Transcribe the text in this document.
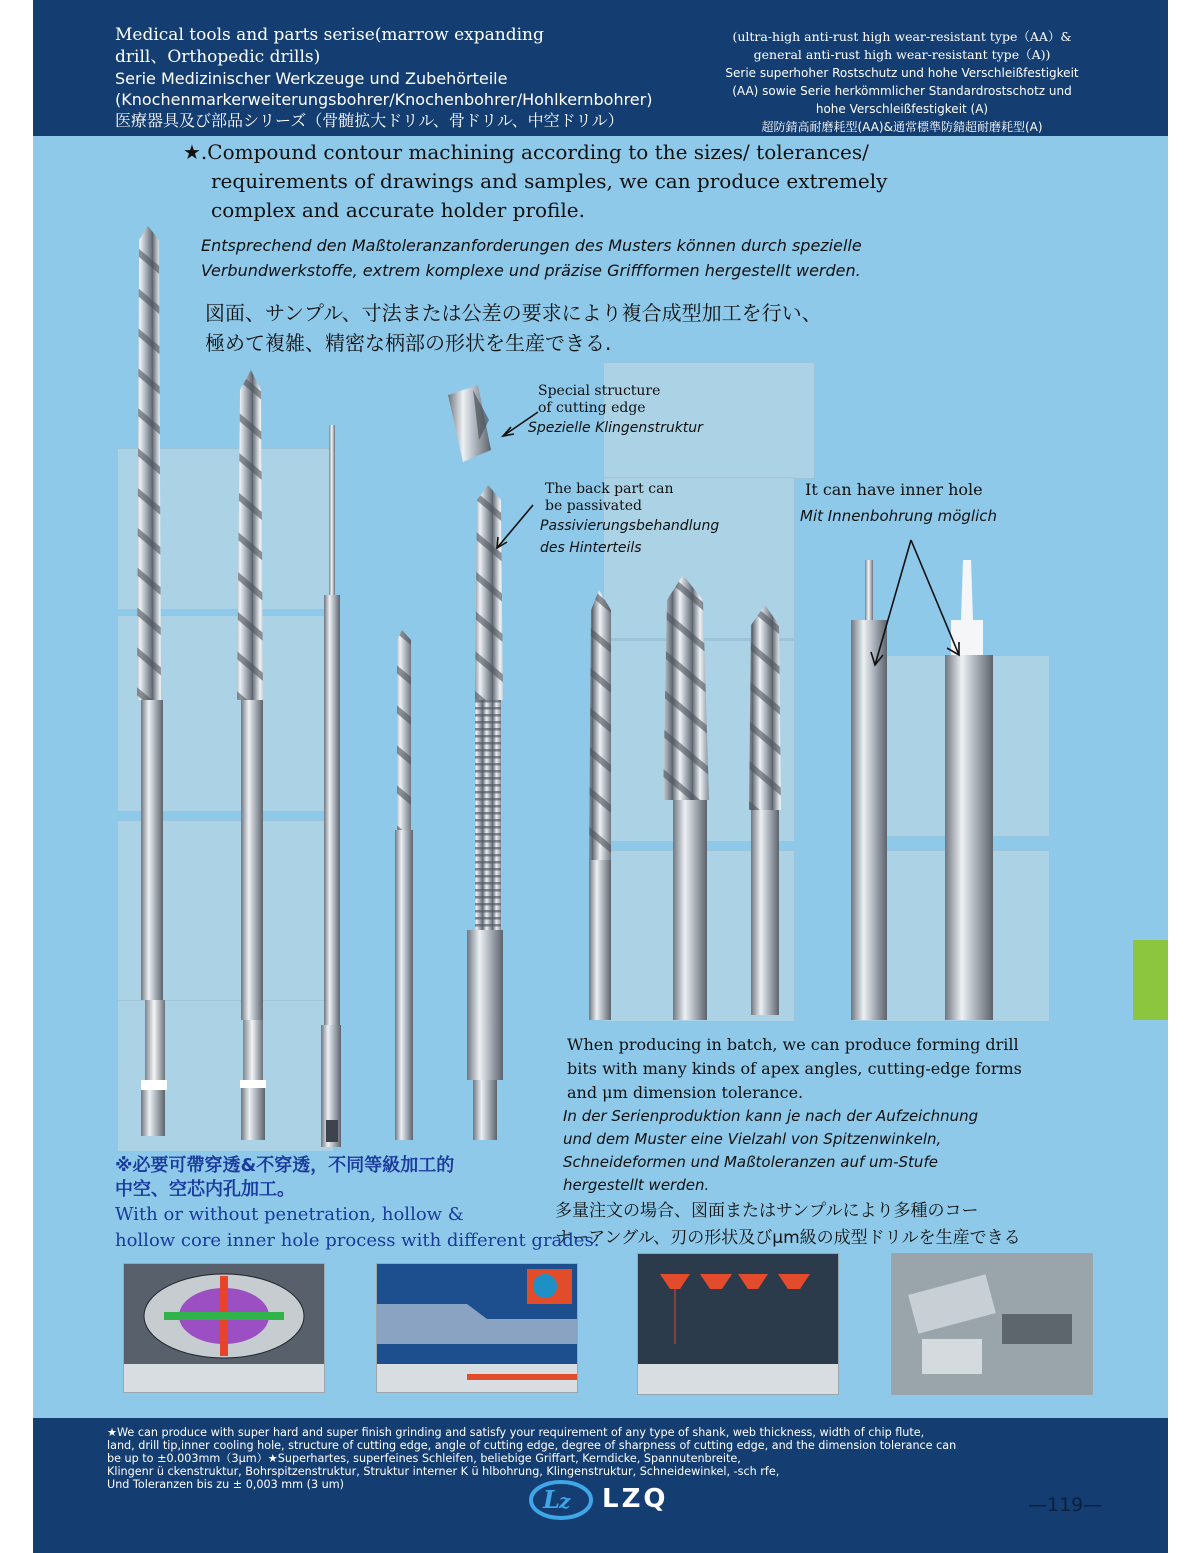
Medical tools and parts serise(marrow expanding
drill、Orthopedic drills)
Serie Medizinischer Werkzeuge und Zubehörteile
(Knochenmarkerweiterungsbohrer/Knochenbohrer/Hohlkernbohrer)
医療器具及び部品シリーズ（骨髄拡大ドリル、骨ドリル、中空ドリル）
(ultra-high anti-rust high wear-resistant type（AA）&
general anti-rust high wear-resistant type（A))
Serie superhoher Rostschutz und hohe Verschleißfestigkeit
(AA) sowie Serie herkömmlicher Standardrostschotz und
hohe Verschleißfestigkeit (A)
超防錆高耐磨耗型(AA)&通常標準防錆超耐磨耗型(A)
★.Compound contour machining according to the sizes/ tolerances/
requirements of drawings and samples, we can produce extremely
complex and accurate holder profile.
Entsprechend den Maßtoleranzanforderungen des Musters können durch spezielle
Verbundwerkstoffe, extrem komplexe und präzise Griffformen hergestellt werden.
図面、サンプル、寸法または公差の要求により複合成型加工を行い、
極めて複雑、精密な柄部の形状を生産できる.
Special structure
of cutting edge
Spezielle Klingenstruktur
The back part can
be passivated
Passivierungsbehandlung
des Hinterteils
It can have inner hole
Mit Innenbohrung möglich
When producing in batch, we can produce forming drill
bits with many kinds of apex angles, cutting-edge forms
and μm dimension tolerance.
In der Serienproduktion kann je nach der Aufzeichnung
und dem Muster eine Vielzahl von Spitzenwinkeln,
Schneideformen und Maßtoleranzen auf um-Stufe
hergestellt werden.
多量注文の場合、図面またはサンプルにより多種のコー
ナーアングル、刃の形状及びμm級の成型ドリルを生産できる
※必要可帶穿透&不穿透，不同等級加工的
中空、空芯内孔加工。
With or without penetration, hollow &
hollow core inner hole process with different grades.
★We can produce with super hard and super finish grinding and satisfy your requirement of any type of shank, web thickness, width of chip flute,
land, drill tip,inner cooling hole, structure of cutting edge, angle of cutting edge, degree of sharpness of cutting edge, and the dimension tolerance can
be up to ±0.003mm（3μm）★Superhartes, superfeines Schleifen, beliebige Griffart, Kerndicke, Spannutenbreite,
Klingenr ü ckenstruktur, Bohrspitzenstruktur, Struktur interner K ü hlbohrung, Klingenstruktur, Schneidewinkel, -sch rfe,
Und Toleranzen bis zu ± 0,003 mm (3 um)
L z LZQ	—119—
